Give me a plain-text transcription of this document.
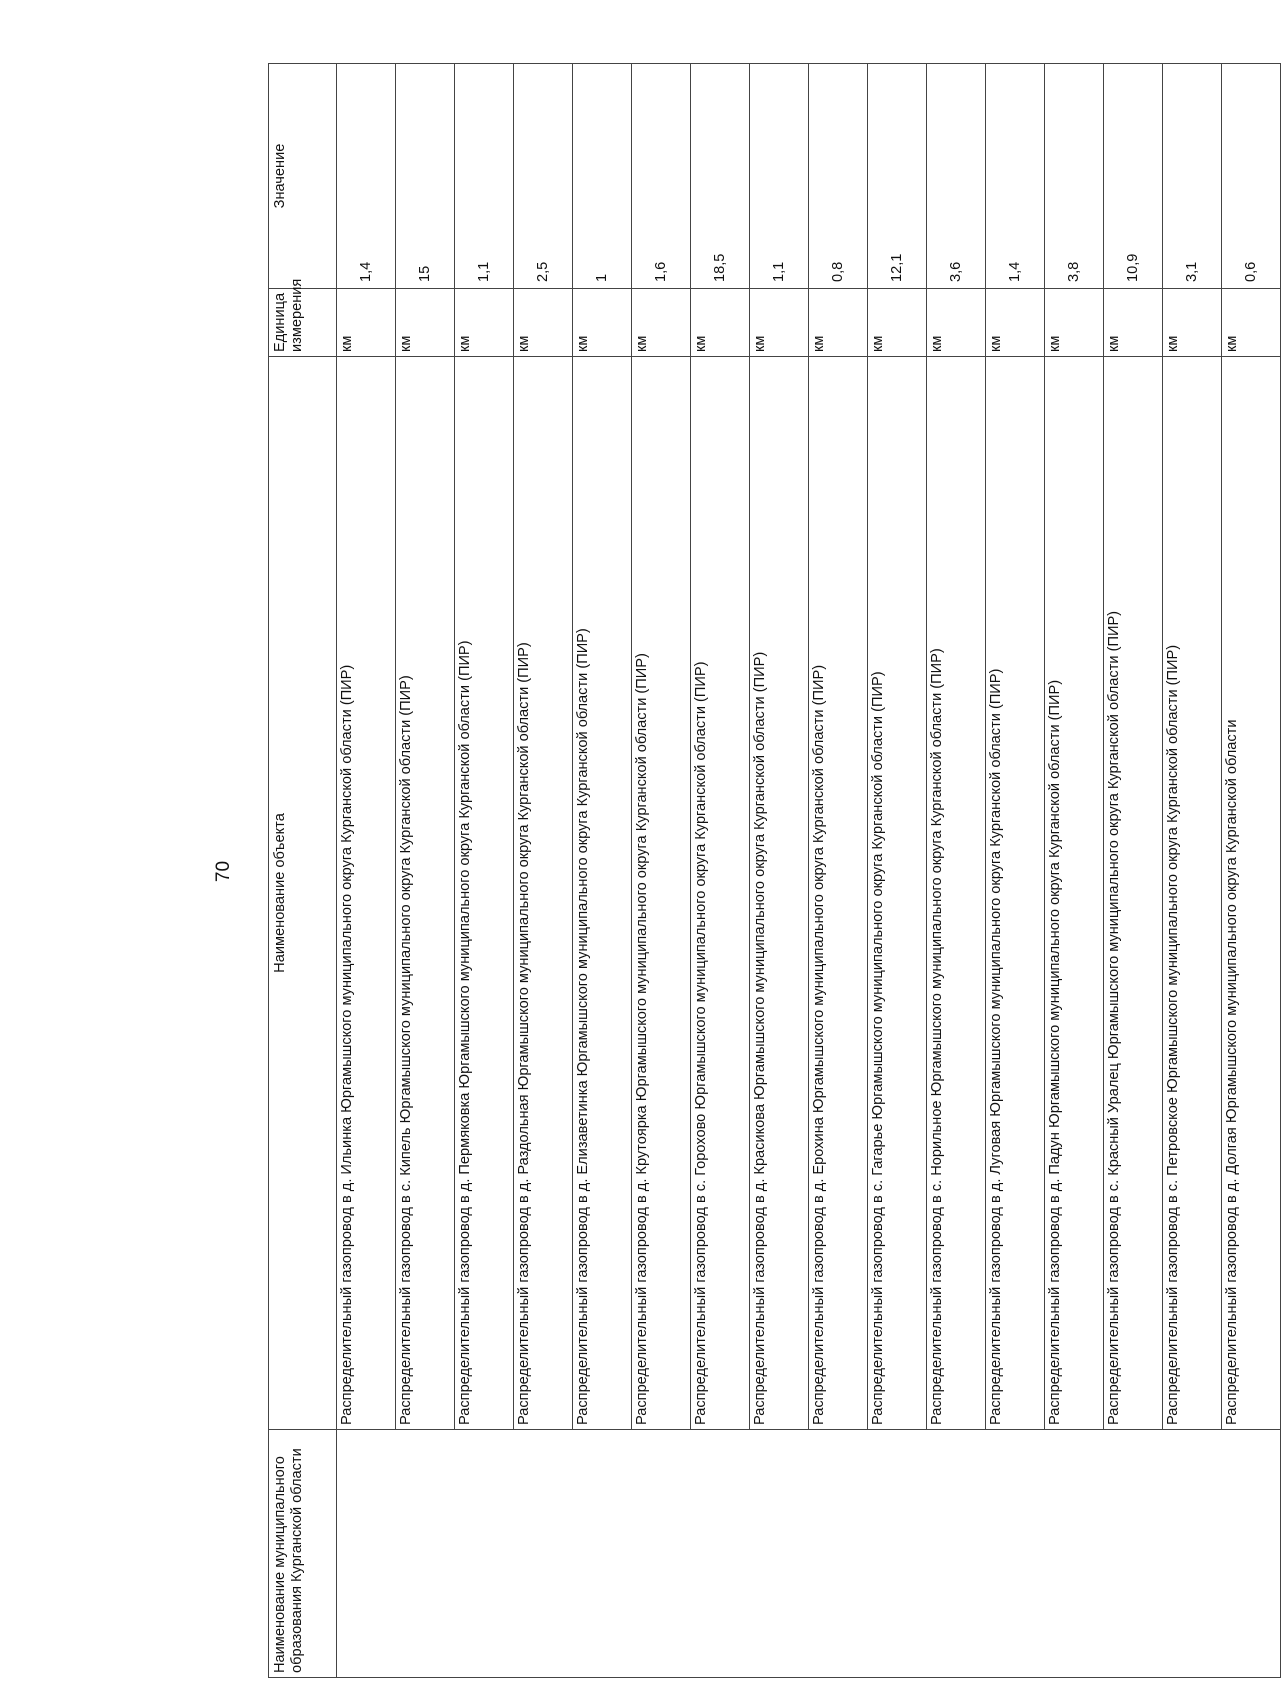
70
Наименование муниципального образования Курганской области	Наименование объекта	Единица измерения	Значение
	Распределительный газопровод в д. Ильинка Юргамышского муниципального округа Курганской области (ПИР)	км	1,4
	Распределительный газопровод в с. Кипель Юргамышского муниципального округа Курганской области (ПИР)	км	15
	Распределительный газопровод в д. Пермяковка Юргамышского муниципального округа Курганской области (ПИР)	км	1,1
	Распределительный газопровод в д. Раздольная Юргамышского муниципального округа Курганской области (ПИР)	км	2,5
	Распределительный газопровод в д. Елизаветинка Юргамышского муниципального округа Курганской области (ПИР)	км	1
	Распределительный газопровод в д. Крутоярка Юргамышского муниципального округа Курганской области (ПИР)	км	1,6
	Распределительный газопровод в с. Горохово Юргамышского муниципального округа Курганской области (ПИР)	км	18,5
	Распределительный газопровод в д. Красикова Юргамышского муниципального округа Курганской области (ПИР)	км	1,1
	Распределительный газопровод в д. Ерохина Юргамышского муниципального округа Курганской области (ПИР)	км	0,8
	Распределительный газопровод в с. Гагарье Юргамышского муниципального округа Курганской области (ПИР)	км	12,1
	Распределительный газопровод в с. Норильное Юргамышского муниципального округа Курганской области (ПИР)	км	3,6
	Распределительный газопровод в д. Луговая Юргамышского муниципального округа Курганской области (ПИР)	км	1,4
	Распределительный газопровод в д. Падун Юргамышского муниципального округа Курганской области (ПИР)	км	3,8
	Распределительный газопровод в с. Красный Уралец Юргамышского муниципального округа Курганской области (ПИР)	км	10,9
	Распределительный газопровод в с. Петровское Юргамышского муниципального округа Курганской области (ПИР)	км	3,1
	Распределительный газопровод в д. Долгая Юргамышского муниципального округа Курганской области	км	0,6
